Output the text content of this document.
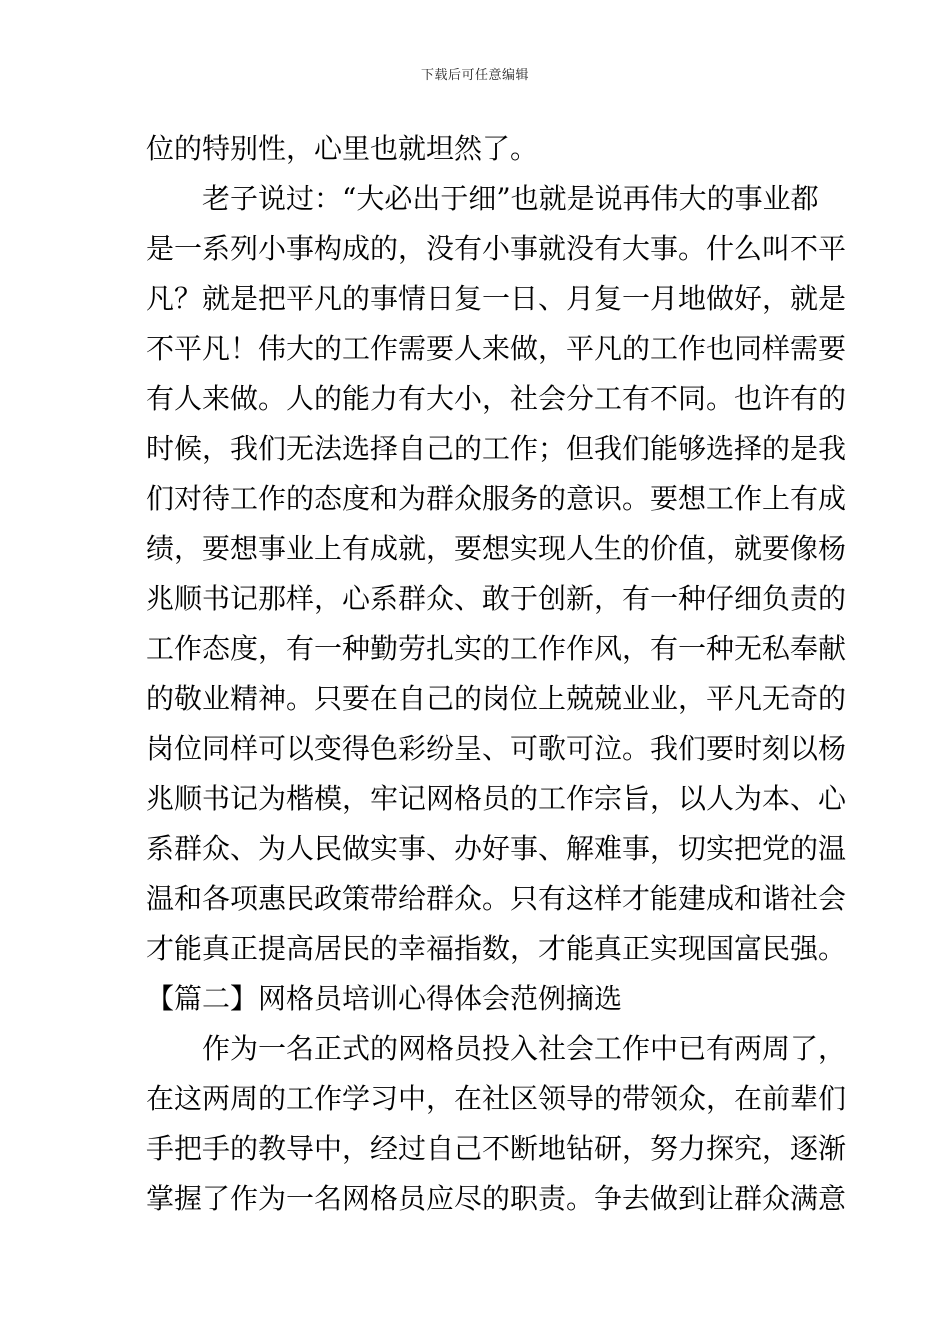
下载后可任意编辑
位的特别性，心里也就坦然了。
老子说过：“大必出于细”也就是说再伟大的事业都
是一系列小事构成的，没有小事就没有大事。什么叫不平
凡？就是把平凡的事情日复一日、月复一月地做好，就是
不平凡！伟大的工作需要人来做，平凡的工作也同样需要
有人来做。人的能力有大小，社会分工有不同。也许有的
时候，我们无法选择自己的工作；但我们能够选择的是我
们对待工作的态度和为群众服务的意识。要想工作上有成
绩，要想事业上有成就，要想实现人生的价值，就要像杨
兆顺书记那样，心系群众、敢于创新，有一种仔细负责的
工作态度，有一种勤劳扎实的工作作风，有一种无私奉献
的敬业精神。只要在自己的岗位上兢兢业业，平凡无奇的
岗位同样可以变得色彩纷呈、可歌可泣。我们要时刻以杨
兆顺书记为楷模，牢记网格员的工作宗旨，以人为本、心
系群众、为人民做实事、办好事、解难事，切实把党的温
温和各项惠民政策带给群众。只有这样才能建成和谐社会
才能真正提高居民的幸福指数，才能真正实现国富民强。
【篇二】网格员培训心得体会范例摘选
作为一名正式的网格员投入社会工作中已有两周了，
在这两周的工作学习中，在社区领导的带领众，在前辈们
手把手的教导中，经过自己不断地钻研，努力探究，逐渐
掌握了作为一名网格员应尽的职责。争去做到让群众满意
